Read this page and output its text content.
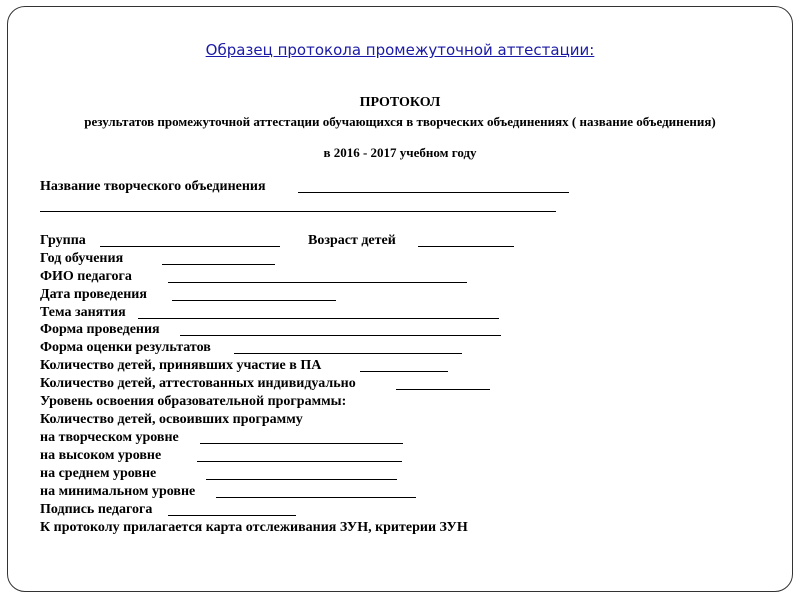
Образец протокола промежуточной аттестации:
ПРОТОКОЛ
результатов промежуточной аттестации обучающихся в творческих объединениях ( название объединения)
в 2016 - 2017 учебном году
Название творческого объединения
Группа	Возраст детей
Год обучения
ФИО педагога
Дата проведения
Тема занятия
Форма проведения
Форма оценки результатов
Количество детей, принявших участие в ПА
Количество детей, аттестованных индивидуально
Уровень освоения образовательной программы:
Количество детей, освоивших программу
на творческом уровне
на высоком уровне
на среднем уровне
на минимальном уровне
Подпись педагога
К протоколу прилагается карта отслеживания ЗУН, критерии ЗУН
